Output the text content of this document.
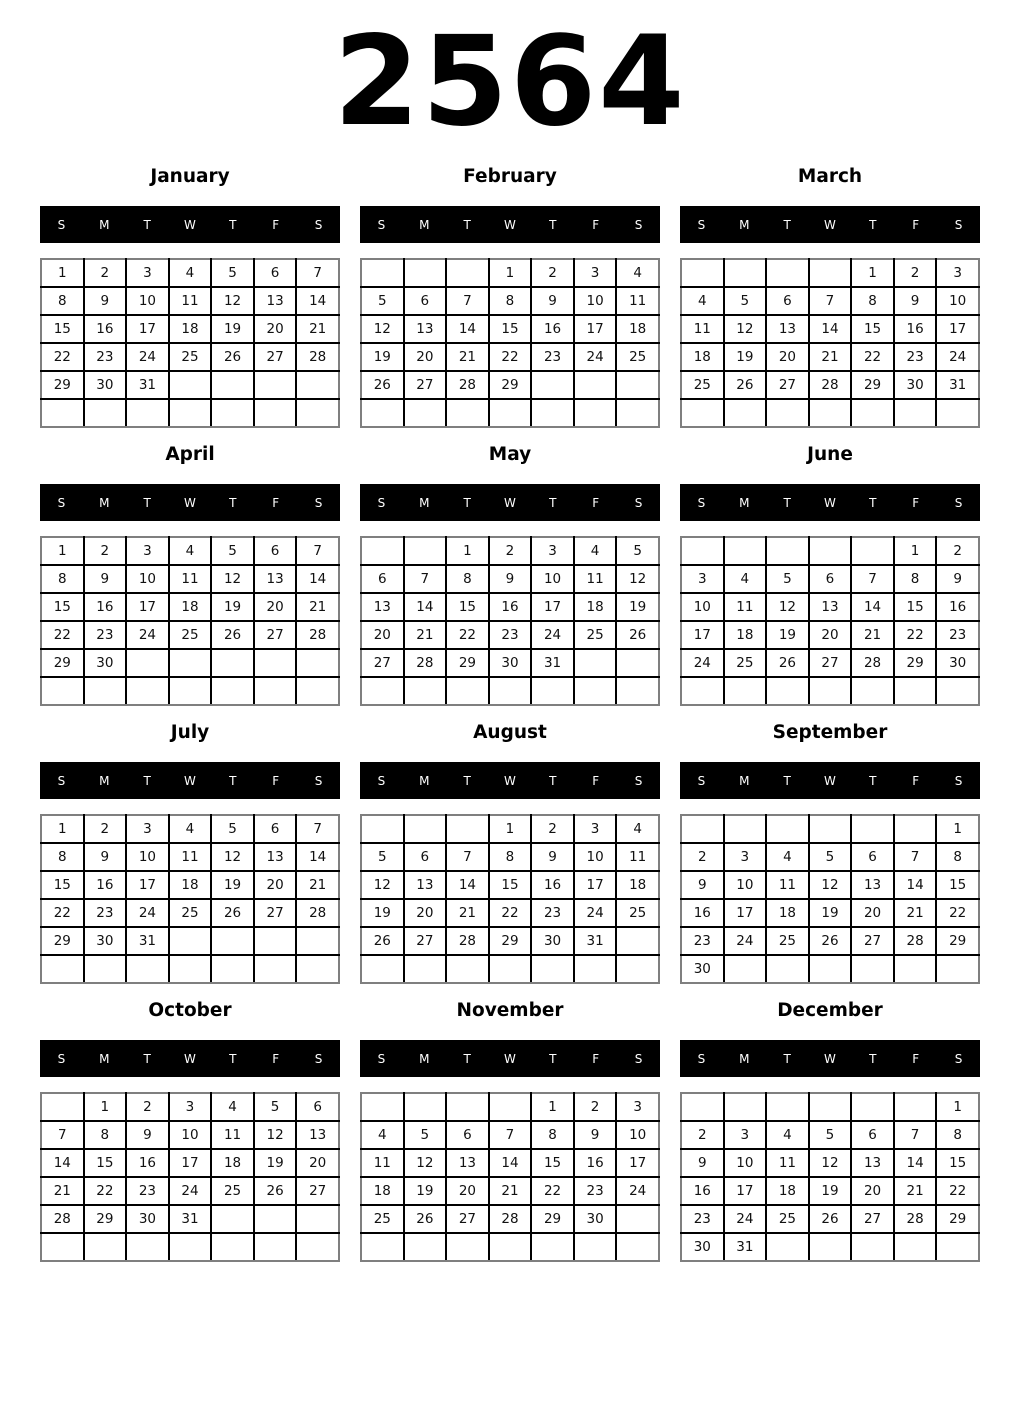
2564
January
S	M	T	W	T	F	S
1	2	3	4	5	6	7
8	9	10	11	12	13	14
15	16	17	18	19	20	21
22	23	24	25	26	27	28
29	30	31				

February
S	M	T	W	T	F	S
			1	2	3	4
5	6	7	8	9	10	11
12	13	14	15	16	17	18
19	20	21	22	23	24	25
26	27	28	29			

March
S	M	T	W	T	F	S
				1	2	3
4	5	6	7	8	9	10
11	12	13	14	15	16	17
18	19	20	21	22	23	24
25	26	27	28	29	30	31

April
S	M	T	W	T	F	S
1	2	3	4	5	6	7
8	9	10	11	12	13	14
15	16	17	18	19	20	21
22	23	24	25	26	27	28
29	30					

May
S	M	T	W	T	F	S
		1	2	3	4	5
6	7	8	9	10	11	12
13	14	15	16	17	18	19
20	21	22	23	24	25	26
27	28	29	30	31		

June
S	M	T	W	T	F	S
					1	2
3	4	5	6	7	8	9
10	11	12	13	14	15	16
17	18	19	20	21	22	23
24	25	26	27	28	29	30

July
S	M	T	W	T	F	S
1	2	3	4	5	6	7
8	9	10	11	12	13	14
15	16	17	18	19	20	21
22	23	24	25	26	27	28
29	30	31				

August
S	M	T	W	T	F	S
			1	2	3	4
5	6	7	8	9	10	11
12	13	14	15	16	17	18
19	20	21	22	23	24	25
26	27	28	29	30	31	

September
S	M	T	W	T	F	S
						1
2	3	4	5	6	7	8
9	10	11	12	13	14	15
16	17	18	19	20	21	22
23	24	25	26	27	28	29
30						
October
S	M	T	W	T	F	S
	1	2	3	4	5	6
7	8	9	10	11	12	13
14	15	16	17	18	19	20
21	22	23	24	25	26	27
28	29	30	31			

November
S	M	T	W	T	F	S
				1	2	3
4	5	6	7	8	9	10
11	12	13	14	15	16	17
18	19	20	21	22	23	24
25	26	27	28	29	30	

December
S	M	T	W	T	F	S
						1
2	3	4	5	6	7	8
9	10	11	12	13	14	15
16	17	18	19	20	21	22
23	24	25	26	27	28	29
30	31					
